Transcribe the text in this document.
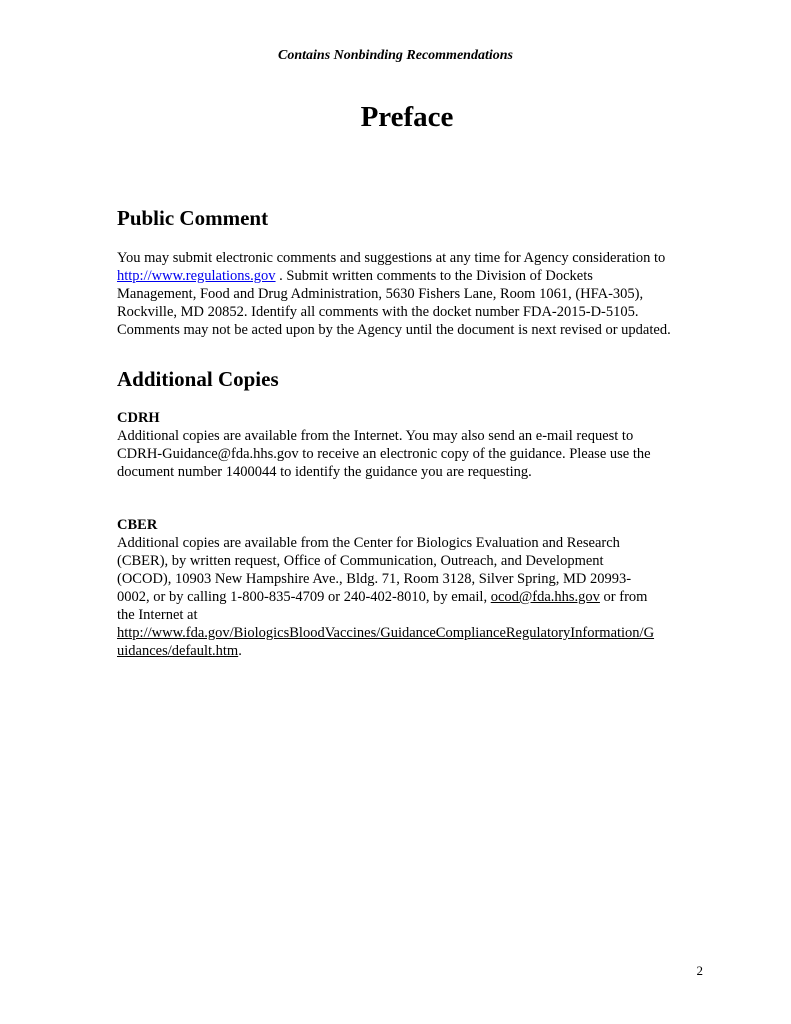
Contains Nonbinding Recommendations
Preface
Public Comment
You may submit electronic comments and suggestions at any time for Agency consideration to
http://www.regulations.gov . Submit written comments to the Division of Dockets
Management, Food and Drug Administration, 5630 Fishers Lane, Room 1061, (HFA-305),
Rockville, MD 20852. Identify all comments with the docket number FDA-2015-D-5105.
Comments may not be acted upon by the Agency until the document is next revised or updated.
Additional Copies
CDRH
Additional copies are available from the Internet. You may also send an e-mail request to
CDRH-Guidance@fda.hhs.gov to receive an electronic copy of the guidance. Please use the
document number 1400044 to identify the guidance you are requesting.
CBER
Additional copies are available from the Center for Biologics Evaluation and Research
(CBER), by written request, Office of Communication, Outreach, and Development
(OCOD), 10903 New Hampshire Ave., Bldg. 71, Room 3128, Silver Spring, MD 20993-
0002, or by calling 1-800-835-4709 or 240-402-8010, by email, ocod@fda.hhs.gov or from
the Internet at
http://www.fda.gov/BiologicsBloodVaccines/GuidanceComplianceRegulatoryInformation/G
uidances/default.htm.
2
